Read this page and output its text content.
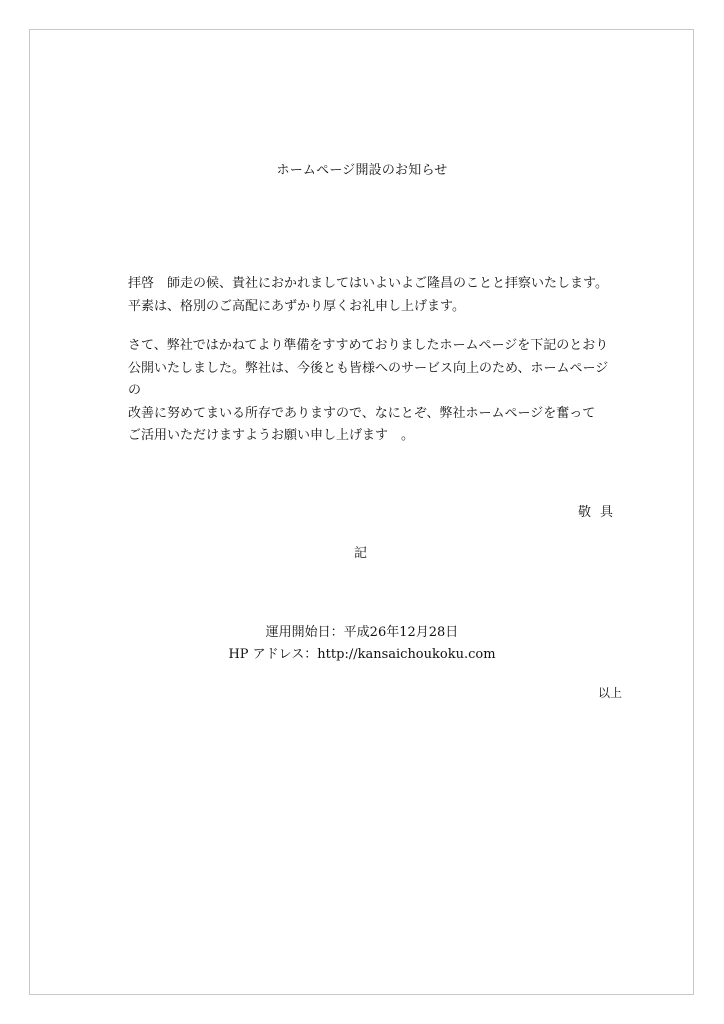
ホームページ開設のお知らせ
拝啓　師走の候、貴社におかれましてはいよいよご隆昌のことと拝察いたします。
平素は、格別のご高配にあずかり厚くお礼申し上げます。
さて、弊社ではかねてより準備をすすめておりましたホームページを下記のとおり
公開いたしました。弊社は、今後とも皆様へのサービス向上のため、ホームページ
の
改善に努めてまいる所存でありますので、なにとぞ、弊社ホームページを奮って
ご活用いただけますようお願い申し上げます　。
敬具
記
運用開始日：平成26年12月28日
HP アドレス：http://kansaichoukoku.com
以上
